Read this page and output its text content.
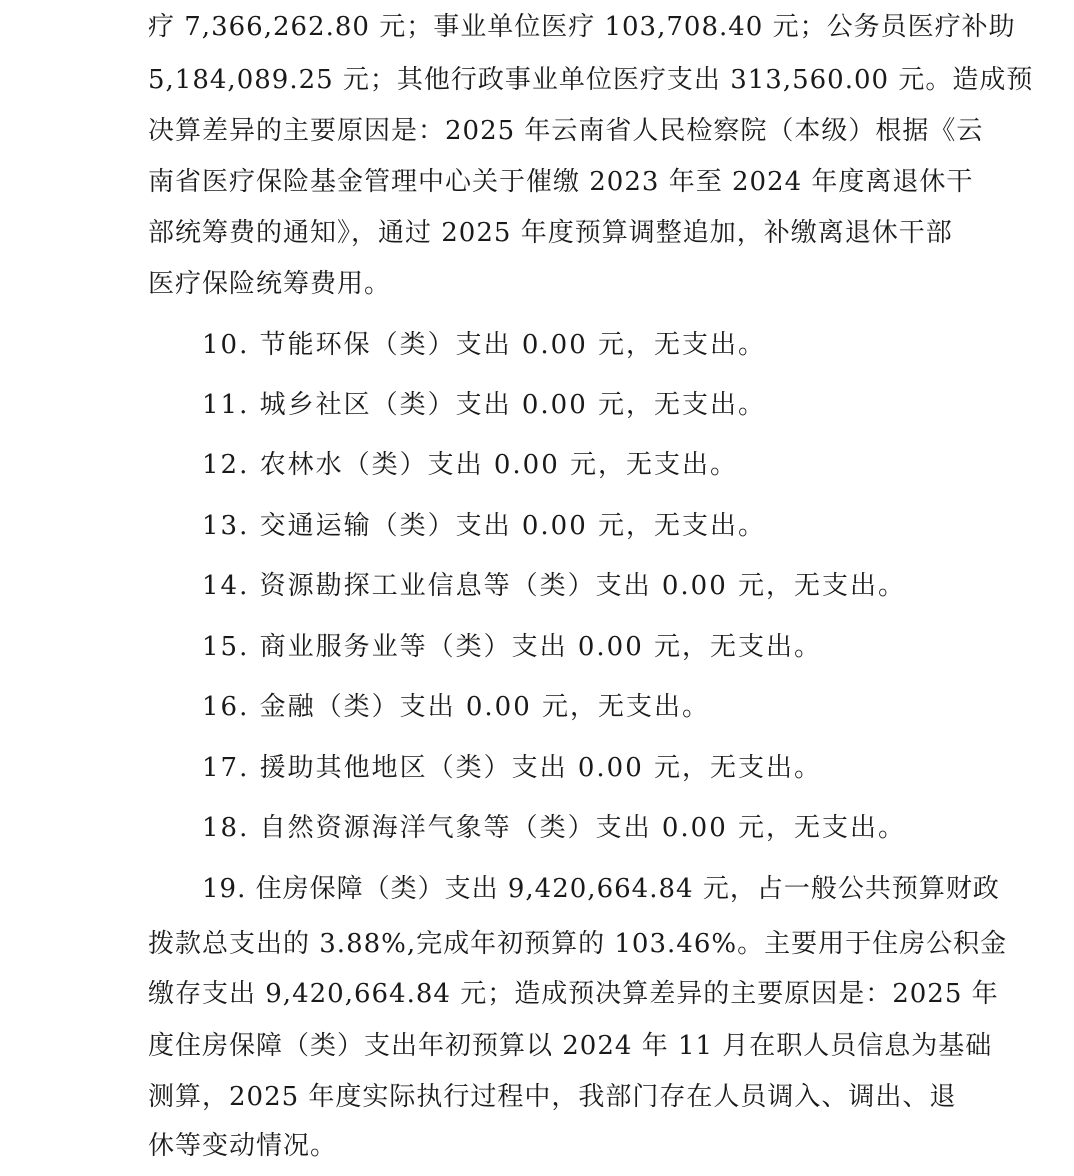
疗 7,366,262.80 元；事业单位医疗 103,708.40 元；公务员医疗补助
5,184,089.25 元；其他行政事业单位医疗支出 313,560.00 元。造成预
决算差异的主要原因是：2025 年云南省人民检察院（本级）根据《云
南省医疗保险基金管理中心关于催缴 2023 年至 2024 年度离退休干
部统筹费的通知》，通过 2025 年度预算调整追加，补缴离退休干部
医疗保险统筹费用。
10. 节能环保（类）支出 0.00 元，无支出。
11. 城乡社区（类）支出 0.00 元，无支出。
12. 农林水（类）支出 0.00 元，无支出。
13. 交通运输（类）支出 0.00 元，无支出。
14. 资源勘探工业信息等（类）支出 0.00 元，无支出。
15. 商业服务业等（类）支出 0.00 元，无支出。
16. 金融（类）支出 0.00 元，无支出。
17. 援助其他地区（类）支出 0.00 元，无支出。
18. 自然资源海洋气象等（类）支出 0.00 元，无支出。
19. 住房保障（类）支出 9,420,664.84 元，占一般公共预算财政
拨款总支出的 3.88%,完成年初预算的 103.46%。主要用于住房公积金
缴存支出 9,420,664.84 元；造成预决算差异的主要原因是：2025 年
度住房保障（类）支出年初预算以 2024 年 11 月在职人员信息为基础
测算，2025 年度实际执行过程中，我部门存在人员调入、调出、退
休等变动情况。
